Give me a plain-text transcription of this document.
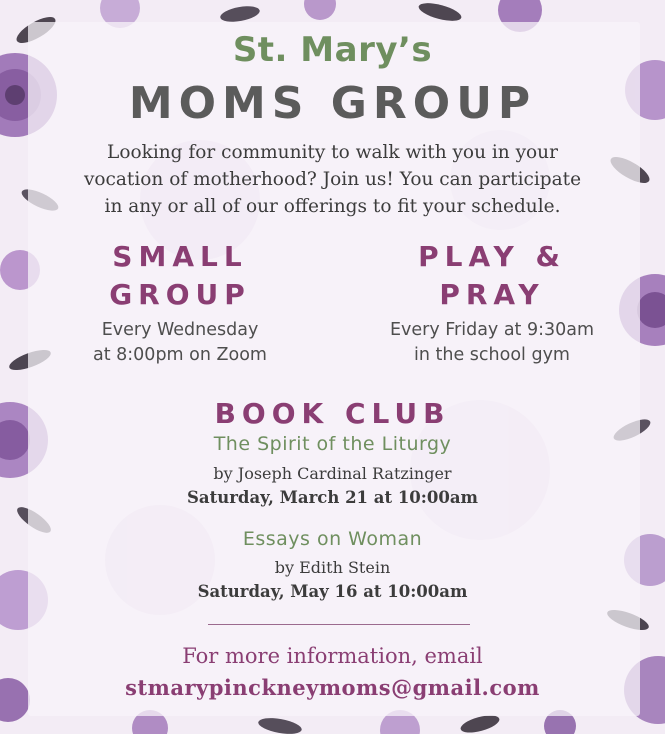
St. Mary’s
MOMS GROUP
Looking for community to walk with you in your
vocation of motherhood? Join us! You can participate
in any or all of our offerings to fit your schedule.
SMALL
GROUP
Every Wednesday
at 8:00pm on Zoom
PLAY &
PRAY
Every Friday at 9:30am
in the school gym
BOOK CLUB
The Spirit of the Liturgy
by Joseph Cardinal Ratzinger
Saturday, March 21 at 10:00am
Essays on Woman
by Edith Stein
Saturday, May 16 at 10:00am
For more information, email
stmarypinckneymoms@gmail.com
